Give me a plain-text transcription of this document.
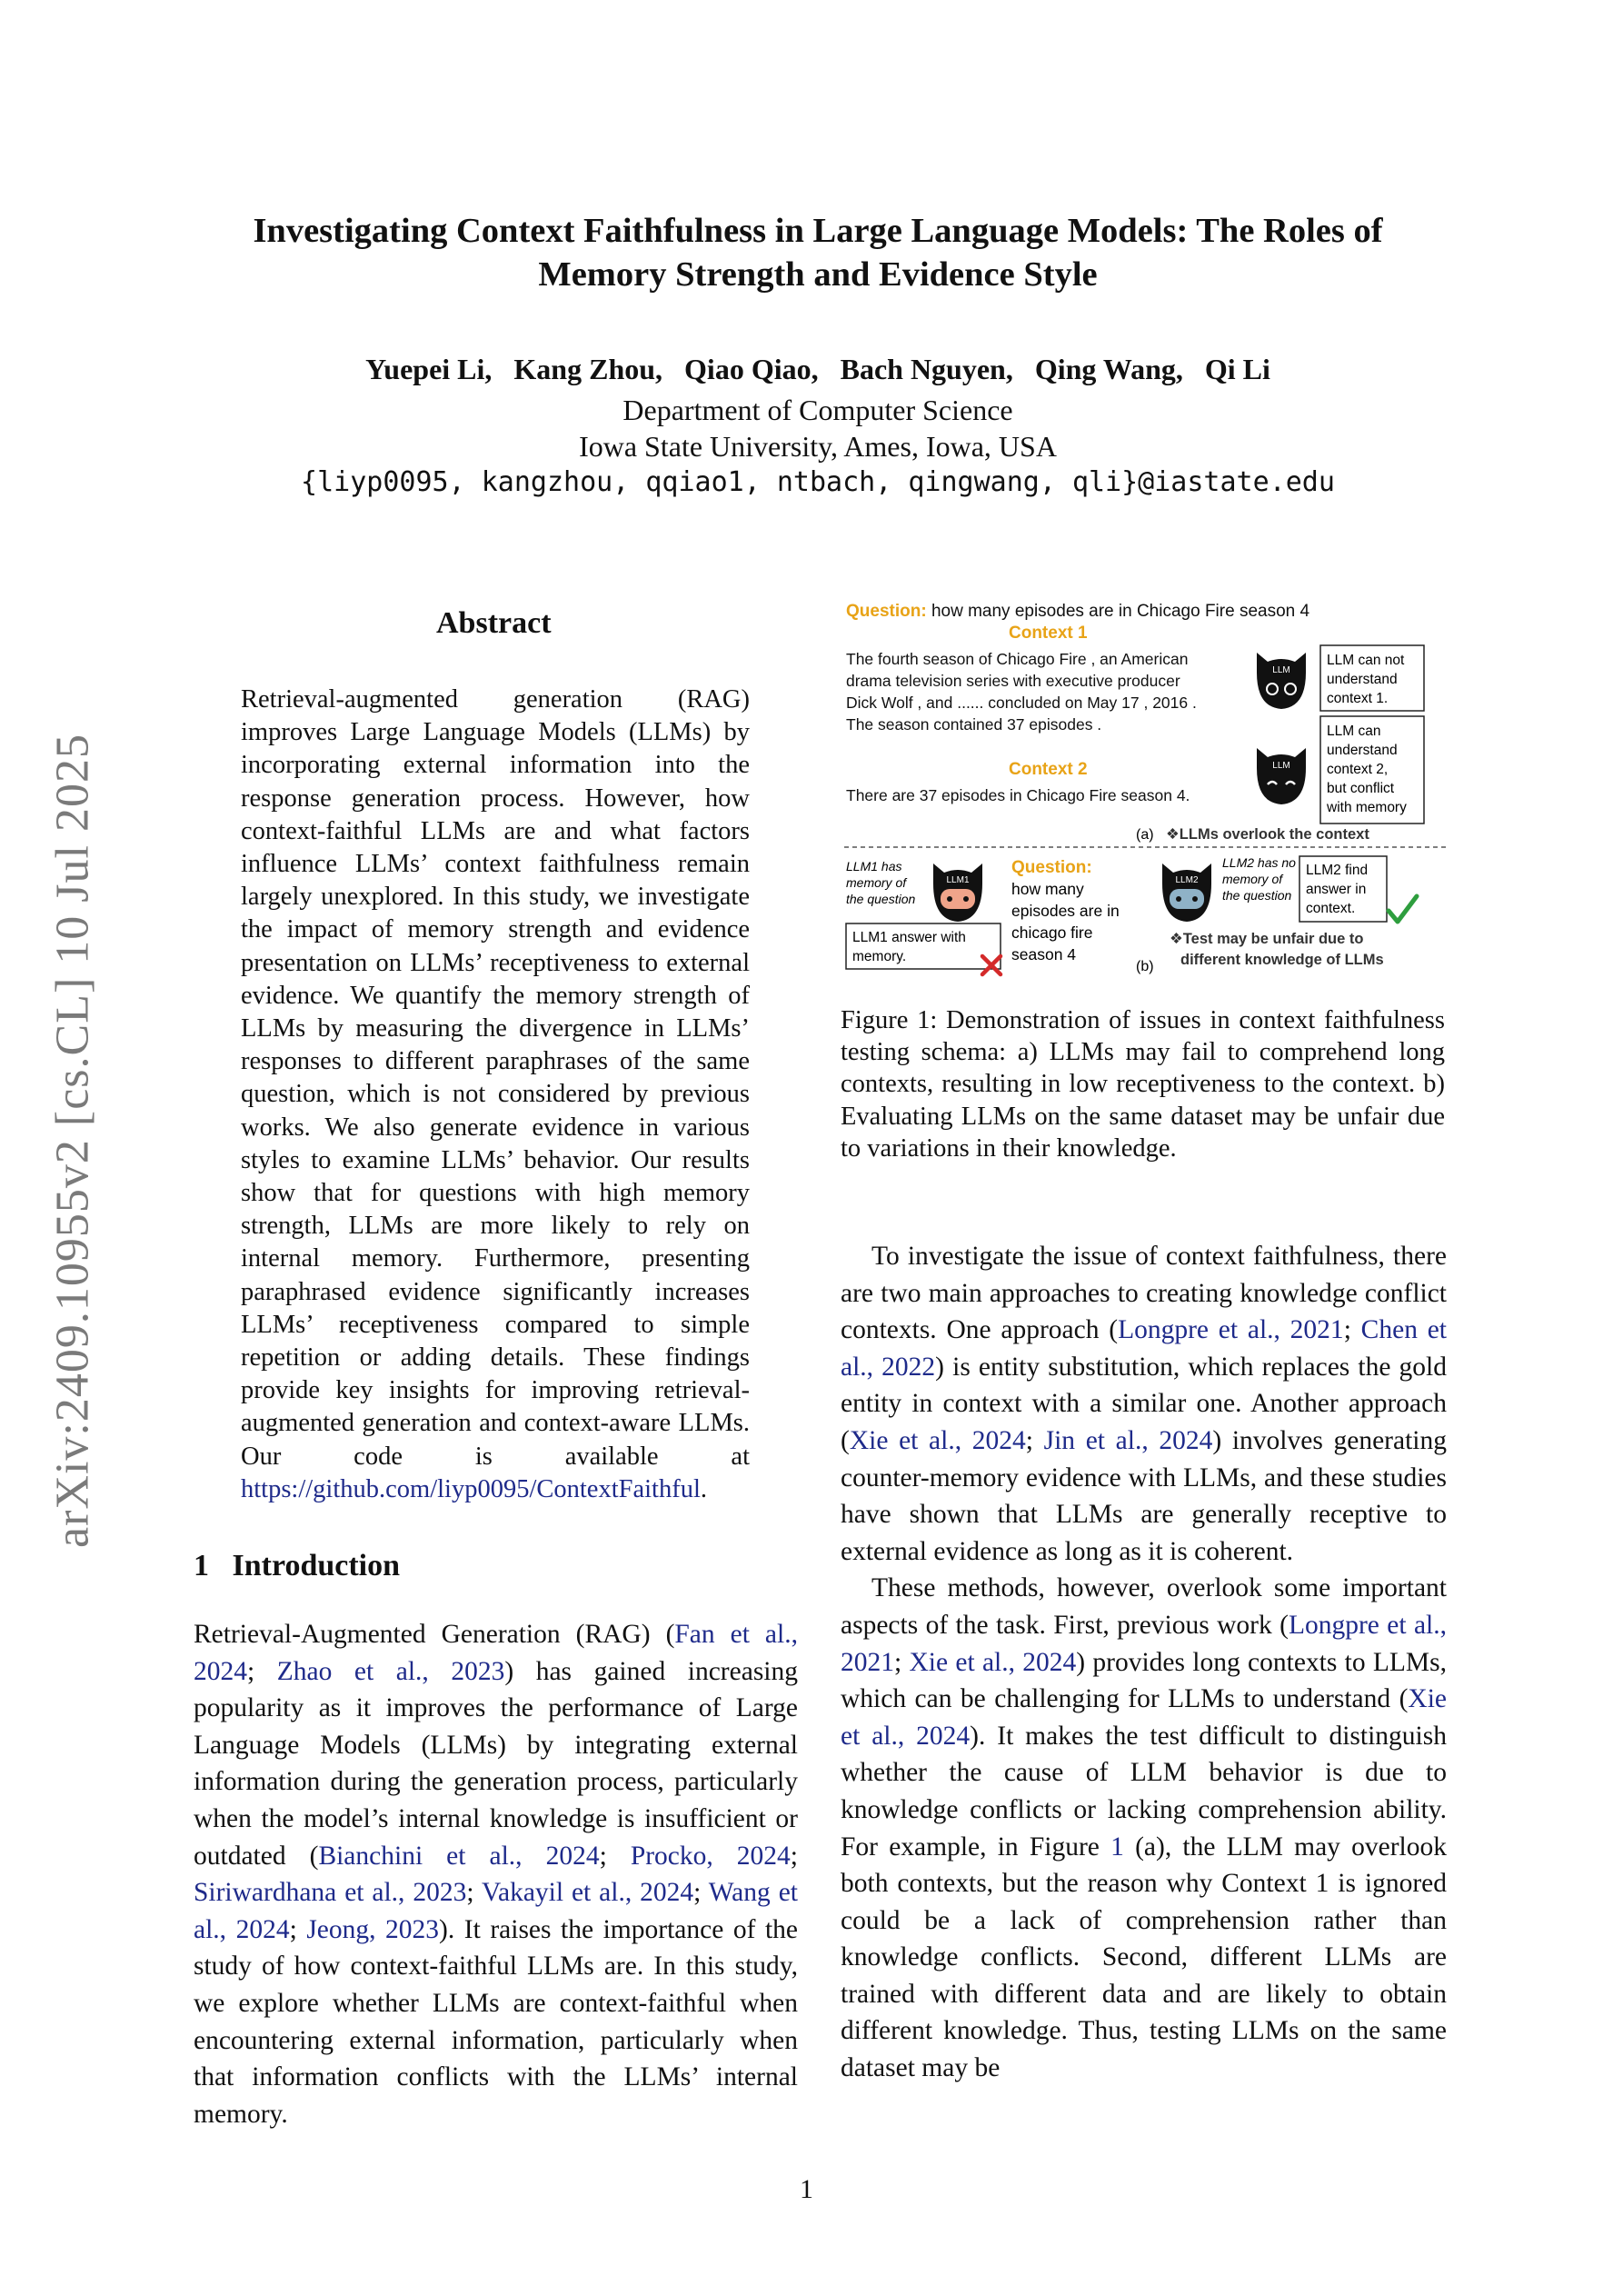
arXiv:2409.10955v2 [cs.CL] 10 Jul 2025
Investigating Context Faithfulness in Large Language Models: The Roles of
Memory Strength and Evidence Style
Yuepei Li,   Kang Zhou,   Qiao Qiao,   Bach Nguyen,   Qing Wang,   Qi Li
Department of Computer Science
Iowa State University, Ames, Iowa, USA
{liyp0095, kangzhou, qqiao1, ntbach, qingwang, qli}@iastate.edu
Abstract
Retrieval-augmented generation (RAG) improves Large Language Models (LLMs) by incorporating external information into the response generation process. However, how context-faithful LLMs are and what factors influence LLMs’ context faithfulness remain largely unexplored. In this study, we investigate the impact of memory strength and evidence presentation on LLMs’ receptiveness to external evidence. We quantify the memory strength of LLMs by measuring the divergence in LLMs’ responses to different paraphrases of the same question, which is not considered by previous works. We also generate evidence in various styles to examine LLMs’ behavior. Our results show that for questions with high memory strength, LLMs are more likely to rely on internal memory. Furthermore, presenting paraphrased evidence significantly increases LLMs’ receptiveness compared to simple repetition or adding details. These findings provide key insights for improving retrieval-augmented generation and context-aware LLMs. Our code is available at https://github.com/liyp0095/ContextFaithful.
1   Introduction
Retrieval-Augmented Generation (RAG) (Fan et al., 2024; Zhao et al., 2023) has gained increasing popularity as it improves the performance of Large Language Models (LLMs) by integrating external information during the generation process, particularly when the model’s internal knowledge is insufficient or outdated (Bianchini et al., 2024; Procko, 2024; Siriwardhana et al., 2023; Vakayil et al., 2024; Wang et al., 2024; Jeong, 2023). It raises the importance of the study of how context-faithful LLMs are. In this study, we explore whether LLMs are context-faithful when encountering external information, particularly when that information conflicts with the LLMs’ internal memory.
Question: how many episodes are in Chicago Fire season 4
Context 1
The fourth season of Chicago Fire , an American
drama television series with executive producer
Dick Wolf , and ...... concluded on May 17 , 2016 .
The season contained 37 episodes .
Context 2
There are 37 episodes in Chicago Fire season 4.
LLM
LLM can not
understand
context 1.
LLM
LLM can
understand
context 2,
but conflict
with memory
(a) ❖LLMs overlook the context
LLM1 has
memory of
the question
LLM1
Question:
how many
episodes are in
chicago fire
season 4
LLM2
LLM2 has no
memory of
the question
LLM2 find
answer in
context.
LLM1 answer with
memory.
(b)
❖Test may be unfair due to
different knowledge of LLMs
Figure 1: Demonstration of issues in context faithfulness testing schema: a) LLMs may fail to comprehend long contexts, resulting in low receptiveness to the context. b) Evaluating LLMs on the same dataset may be unfair due to variations in their knowledge.

To investigate the issue of context faithfulness, there are two main approaches to creating knowledge conflict contexts. One approach (Longpre et al., 2021; Chen et al., 2022) is entity substitution, which replaces the gold entity in context with a similar one. Another approach (Xie et al., 2024; Jin et al., 2024) involves generating counter-memory evidence with LLMs, and these studies have shown that LLMs are generally receptive to external evidence as long as it is coherent.

These methods, however, overlook some important aspects of the task. First, previous work (Longpre et al., 2021; Xie et al., 2024) provides long contexts to LLMs, which can be challenging for LLMs to understand (Xie et al., 2024). It makes the test difficult to distinguish whether the cause of LLM behavior is due to knowledge conflicts or lacking comprehension ability. For example, in Figure 1 (a), the LLM may overlook both contexts, but the reason why Context 1 is ignored could be a lack of comprehension rather than knowledge conflicts. Second, different LLMs are trained with different data and are likely to obtain different knowledge. Thus, testing LLMs on the same dataset may be

1
